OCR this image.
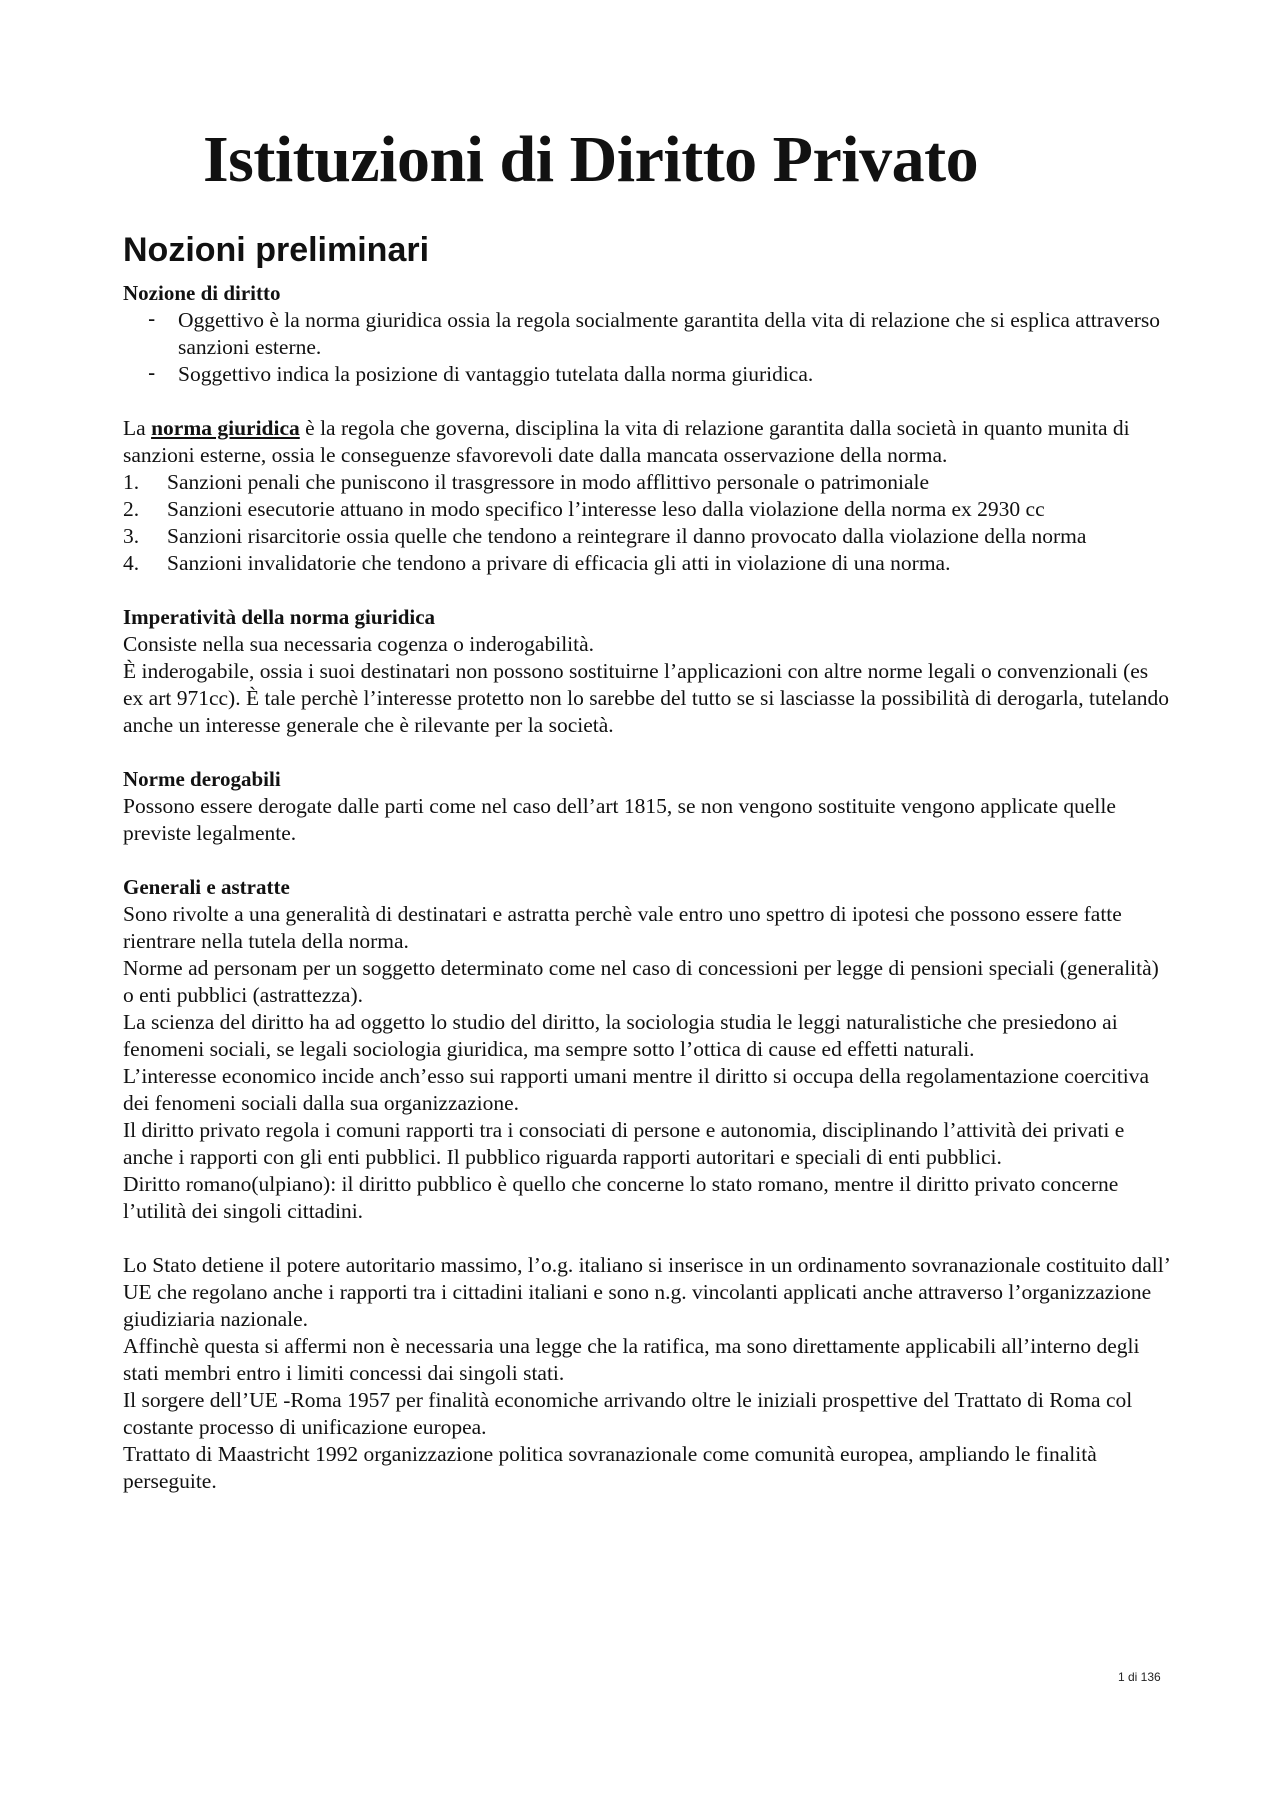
Istituzioni di Diritto Privato
Nozioni preliminari
Nozione di diritto
- Oggettivo è la norma giuridica ossia la regola socialmente garantita della vita di relazione che si esplica attraverso sanzioni esterne.
- Soggettivo indica la posizione di vantaggio tutelata dalla norma giuridica.

La norma giuridica è la regola che governa, disciplina la vita di relazione garantita dalla società in quanto munita di sanzioni esterne, ossia le conseguenze sfavorevoli date dalla mancata osservazione della norma.

1. Sanzioni penali che puniscono il trasgressore in modo afflittivo personale o patrimoniale
2. Sanzioni esecutorie attuano in modo specifico l’interesse leso dalla violazione della norma ex 2930 cc
3. Sanzioni risarcitorie ossia quelle che tendono a reintegrare il danno provocato dalla violazione della norma
4. Sanzioni invalidatorie che tendono a privare di efficacia gli atti in violazione di una norma.
Imperatività della norma giuridica

Consiste nella sua necessaria cogenza o inderogabilità.

È inderogabile, ossia i suoi destinatari non possono sostituirne l’applicazioni con altre norme legali o convenzionali (es ex art 971cc). È tale perchè l’interesse protetto non lo sarebbe del tutto se si lasciasse la possibilità di derogarla, tutelando anche un interesse generale che è rilevante per la società.

Norme derogabili

Possono essere derogate dalle parti come nel caso dell’art 1815, se non vengono sostituite vengono applicate quelle previste legalmente.

Generali e astratte

Sono rivolte a una generalità di destinatari e astratta perchè vale entro uno spettro di ipotesi che possono essere fatte rientrare nella tutela della norma.

Norme ad personam per un soggetto determinato come nel caso di concessioni per legge di pensioni speciali (generalità) o enti pubblici (astrattezza).

La scienza del diritto ha ad oggetto lo studio del diritto, la sociologia studia le leggi naturalistiche che presiedono ai fenomeni sociali, se legali sociologia giuridica, ma sempre sotto l’ottica di cause ed effetti naturali.

L’interesse economico incide anch’esso sui rapporti umani mentre il diritto si occupa della regolamentazione coercitiva dei fenomeni sociali dalla sua organizzazione.

Il diritto privato regola i comuni rapporti tra i consociati di persone e autonomia, disciplinando l’attività dei privati e anche i rapporti con gli enti pubblici. Il pubblico riguarda rapporti autoritari e speciali di enti pubblici.

Diritto romano(ulpiano): il diritto pubblico è quello che concerne lo stato romano, mentre il diritto privato concerne l’utilità dei singoli cittadini.

Lo Stato detiene il potere autoritario massimo, l’o.g. italiano si inserisce in un ordinamento sovranazionale costituito dall’ UE che regolano anche i rapporti tra i cittadini italiani e sono n.g. vincolanti applicati anche attraverso l’organizzazione giudiziaria nazionale.

Affinchè questa si affermi non è necessaria una legge che la ratifica, ma sono direttamente applicabili all’interno degli stati membri entro i limiti concessi dai singoli stati.

Il sorgere dell’UE -Roma 1957 per finalità economiche arrivando oltre le iniziali prospettive del Trattato di Roma col costante processo di unificazione europea.

Trattato di Maastricht 1992 organizzazione politica sovranazionale come comunità europea, ampliando le finalità perseguite.

1 di 136
